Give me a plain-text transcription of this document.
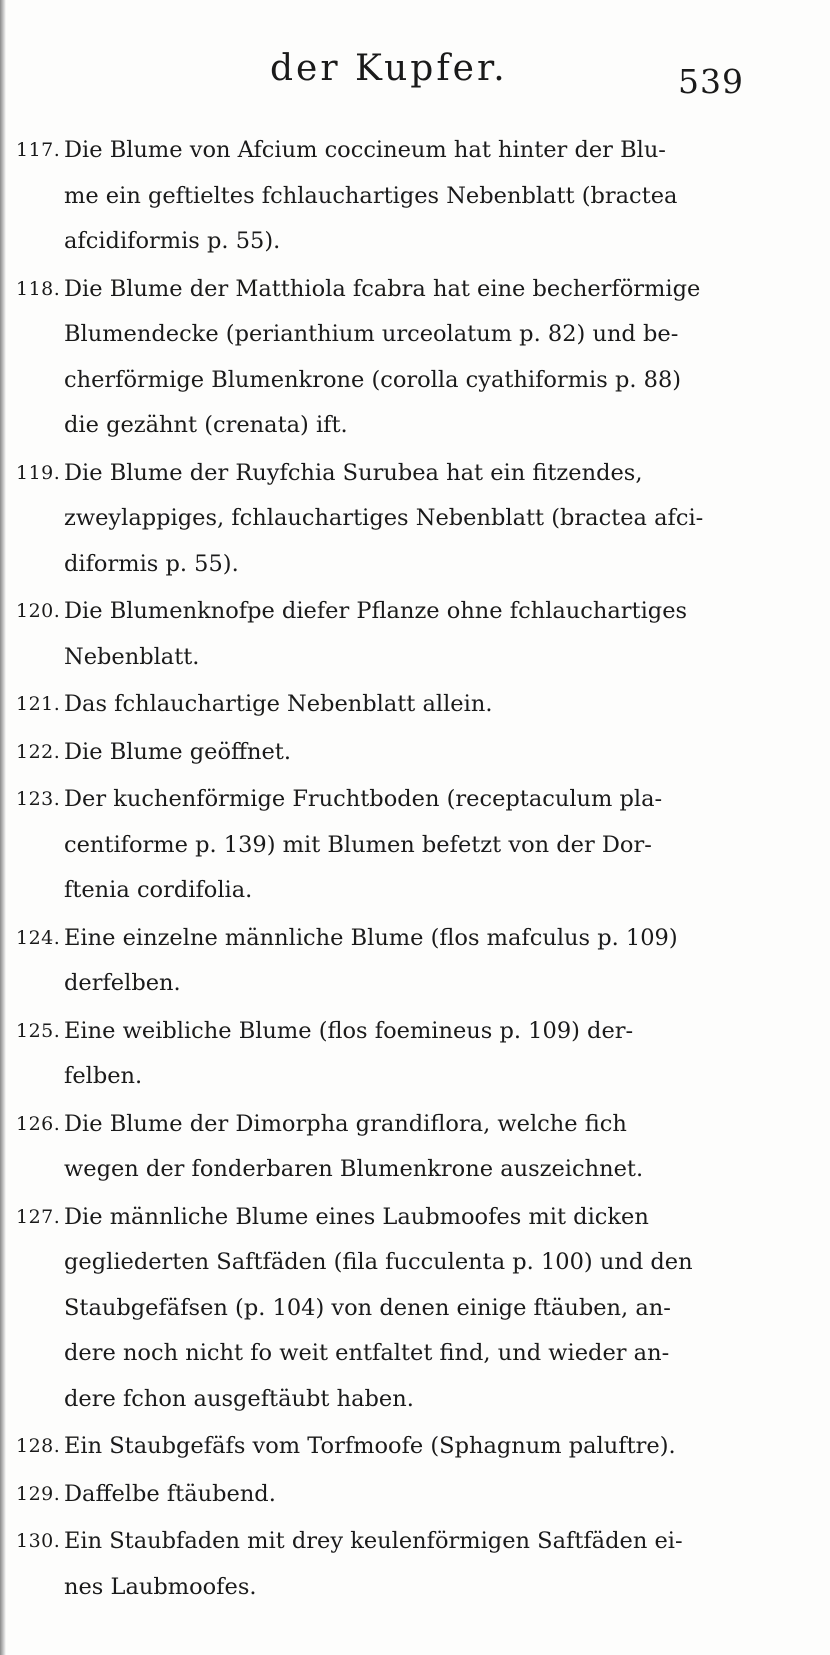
der Kupfer.	539
117. Die Blume von Afcium coccineum hat hinter der Blu-
me ein geftieltes fchlauchartiges Nebenblatt (bractea
afcidiformis p. 55).
118. Die Blume der Matthiola fcabra hat eine becherförmige
Blumendecke (perianthium urceolatum p. 82) und be-
cherförmige Blumenkrone (corolla cyathiformis p. 88)
die gezähnt (crenata) ift.
119. Die Blume der Ruyfchia Surubea hat ein fitzendes,
zweylappiges, fchlauchartiges Nebenblatt (bractea afci-
diformis p. 55).
120. Die Blumenknofpe diefer Pflanze ohne fchlauchartiges
Nebenblatt.
121. Das fchlauchartige Nebenblatt allein.
122. Die Blume geöffnet.
123. Der kuchenförmige Fruchtboden (receptaculum pla-
centiforme p. 139) mit Blumen befetzt von der Dor-
ftenia cordifolia.
124. Eine einzelne männliche Blume (flos mafculus p. 109)
derfelben.
125. Eine weibliche Blume (flos foemineus p. 109) der-
felben.
126. Die Blume der Dimorpha grandiflora, welche fich
wegen der fonderbaren Blumenkrone auszeichnet.
127. Die männliche Blume eines Laubmoofes mit dicken
gegliederten Saftfäden (fila fucculenta p. 100) und den
Staubgefäfsen (p. 104) von denen einige ftäuben, an-
dere noch nicht fo weit entfaltet find, und wieder an-
dere fchon ausgeftäubt haben.
128. Ein Staubgefäfs vom Torfmoofe (Sphagnum paluftre).
129. Daffelbe ftäubend.
130. Ein Staubfaden mit drey keulenförmigen Saftfäden ei-
nes Laubmoofes.
